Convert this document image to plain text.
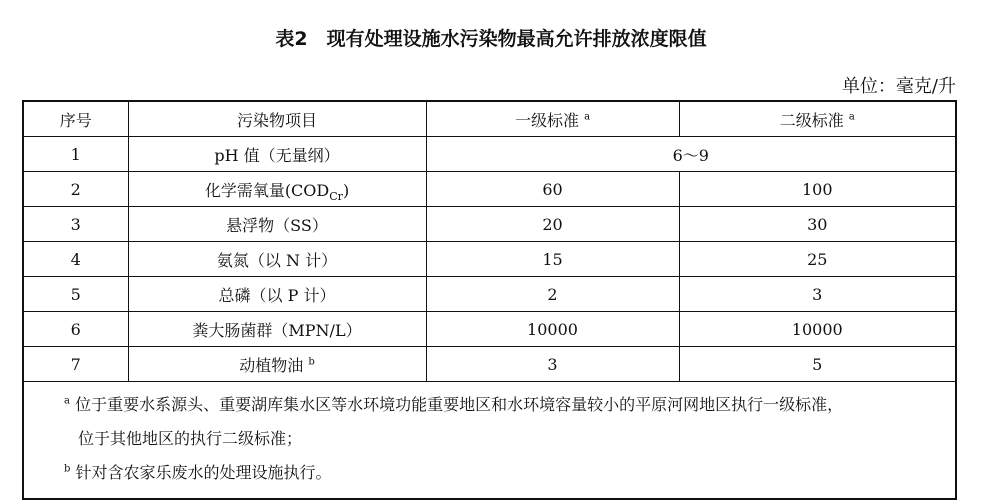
表2　现有处理设施水污染物最高允许排放浓度限值
单位：毫克/升
序号	污染物项目	一级标准 $^a$	二级标准 $^a$
1	pH 值（无量纲）	6～9	
2	化学需氧量$(COD_{Cr})$	60	100
3	悬浮物（SS）	20	30
4	氨氮（以 N 计）	15	25
5	总磷（以 P 计）	2	3
6	粪大肠菌群（MPN/L）	10000	10000
7	动植物油 $^b$	3	5

$^a$ 位于重要水系源头、重要湖库集水区等水环境功能重要地区和水环境容量较小的平原河网地区执行一级标准，
位于其他地区的执行二级标准；
$^b$ 针对含农家乐废水的处理设施执行。			
